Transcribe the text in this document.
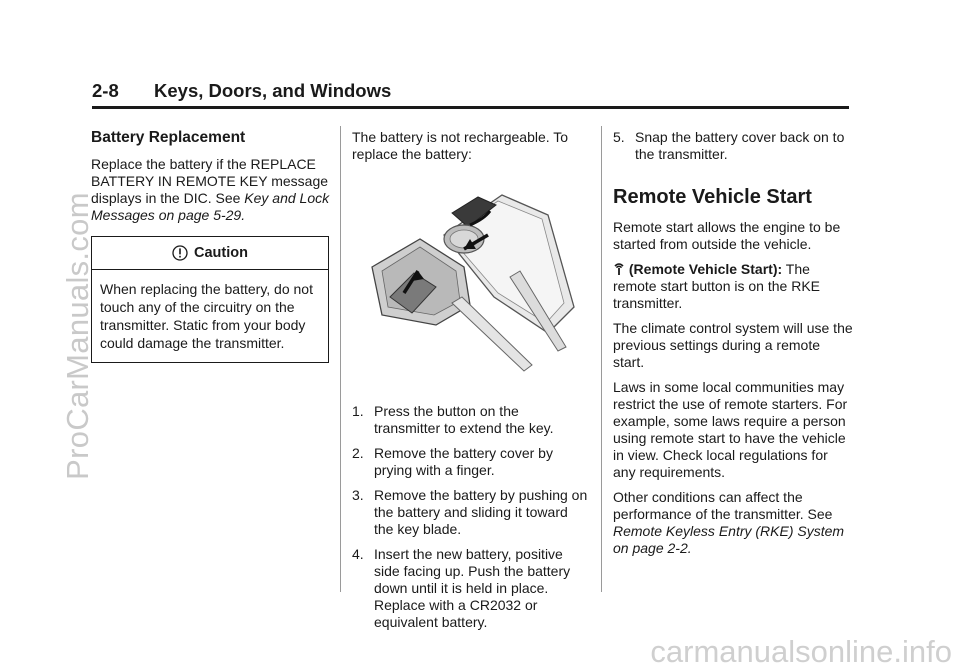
ProCarManuals.com
2-8 Keys, Doors, and Windows
Battery Replacement

Replace the battery if the REPLACE BATTERY IN REMOTE KEY message displays in the DIC. See Key and Lock Messages on page 5-29.

Caution
When replacing the battery, do not touch any of the circuitry on the transmitter. Static from your body could damage the transmitter.

The battery is not rechargeable. To replace the battery:

1. Press the button on the transmitter to extend the key.
2. Remove the battery cover by prying with a finger.
3. Remove the battery by pushing on the battery and sliding it toward the key blade.
4. Insert the new battery, positive side facing up. Push the battery down until it is held in place. Replace with a CR2032 or equivalent battery.
5. Snap the battery cover back on to the transmitter.
Remote Vehicle Start

Remote start allows the engine to be started from outside the vehicle.

(Remote Vehicle Start): The remote start button is on the RKE transmitter.

The climate control system will use the previous settings during a remote start.

Laws in some local communities may restrict the use of remote starters. For example, some laws require a person using remote start to have the vehicle in view. Check local regulations for any requirements.

Other conditions can affect the performance of the transmitter. See Remote Keyless Entry (RKE) System on page 2-2.

carmanualsonline.info
